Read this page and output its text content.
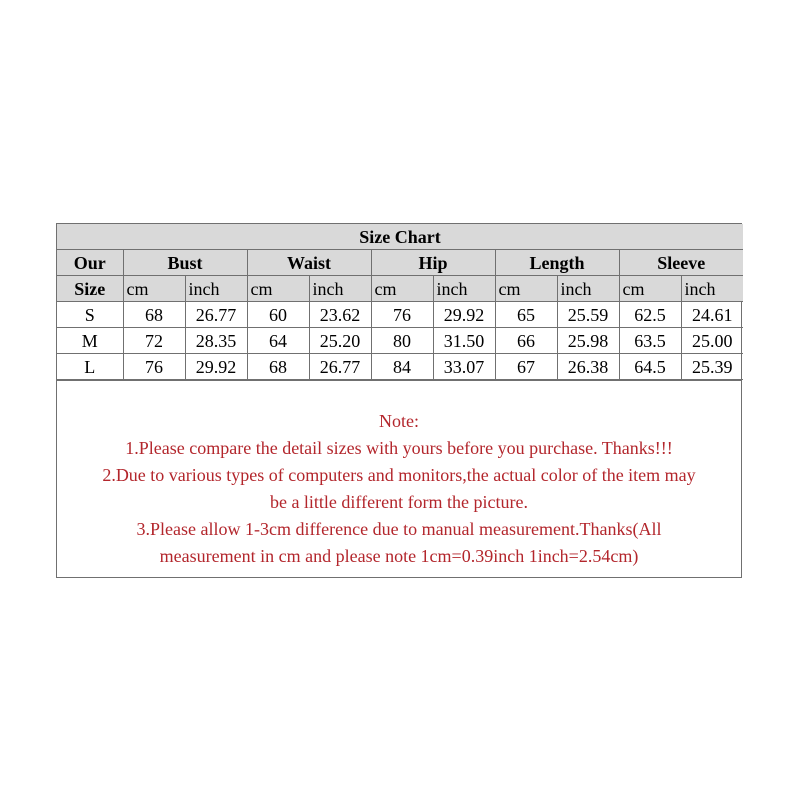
Size Chart										
Our	Bust		Waist		Hip		Length		Sleeve	
Size	cm	inch	cm	inch	cm	inch	cm	inch	cm	inch
S	68	26.77	60	23.62	76	29.92	65	25.59	62.5	24.61
M	72	28.35	64	25.20	80	31.50	66	25.98	63.5	25.00
L	76	29.92	68	26.77	84	33.07	67	26.38	64.5	25.39
Note:
1.Please compare the detail sizes with yours before you purchase. Thanks!!!
2.Due to various types of computers and monitors,the actual color of the item may
be a little different form the picture.
3.Please allow 1-3cm difference due to manual measurement.Thanks(All
measurement in cm and please note 1cm=0.39inch 1inch=2.54cm)
